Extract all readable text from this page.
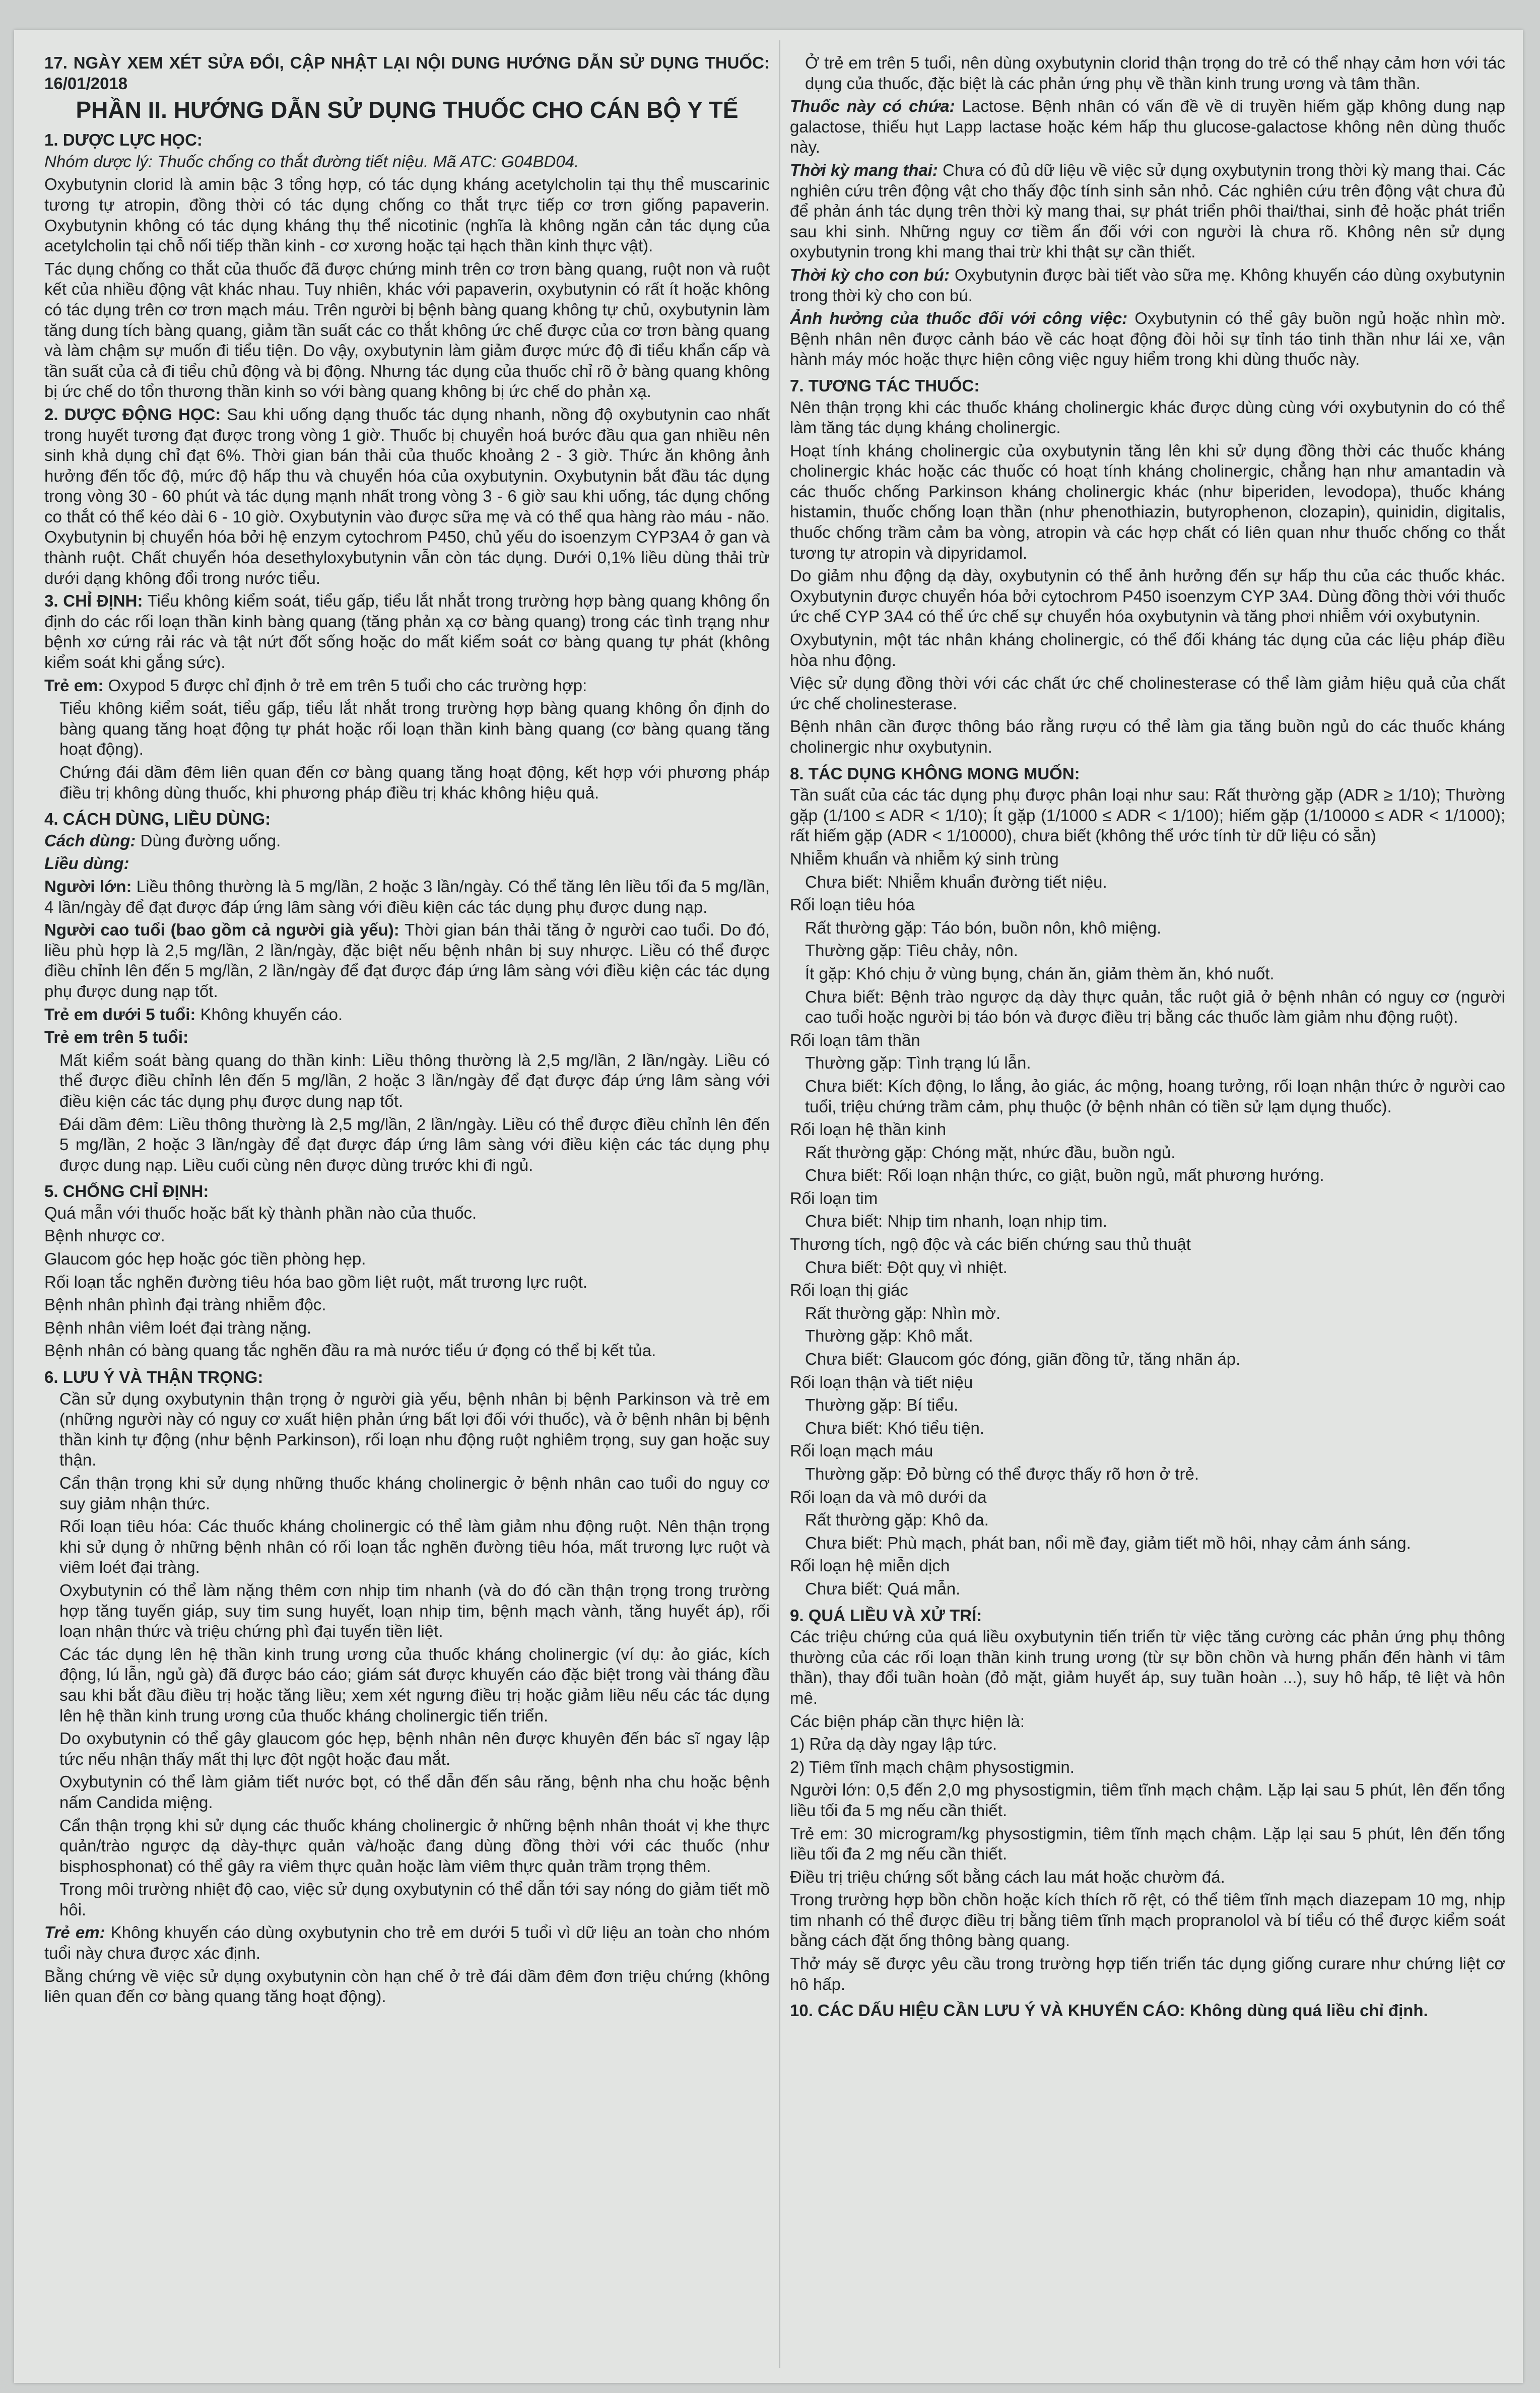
17. NGÀY XEM XÉT SỬA ĐỔI, CẬP NHẬT LẠI NỘI DUNG HƯỚNG DẪN SỬ DỤNG THUỐC: 16/01/2018

PHẦN II. HƯỚNG DẪN SỬ DỤNG THUỐC CHO CÁN BỘ Y TẾ

1. DƯỢC LỰC HỌC:

Nhóm dược lý: Thuốc chống co thắt đường tiết niệu. Mã ATC: G04BD04.

Oxybutynin clorid là amin bậc 3 tổng hợp, có tác dụng kháng acetylcholin tại thụ thể muscarinic tương tự atropin, đồng thời có tác dụng chống co thắt trực tiếp cơ trơn giống papaverin. Oxybutynin không có tác dụng kháng thụ thể nicotinic (nghĩa là không ngăn cản tác dụng của acetylcholin tại chỗ nối tiếp thần kinh - cơ xương hoặc tại hạch thần kinh thực vật).

Tác dụng chống co thắt của thuốc đã được chứng minh trên cơ trơn bàng quang, ruột non và ruột kết của nhiều động vật khác nhau. Tuy nhiên, khác với papaverin, oxybutynin có rất ít hoặc không có tác dụng trên cơ trơn mạch máu. Trên người bị bệnh bàng quang không tự chủ, oxybutynin làm tăng dung tích bàng quang, giảm tần suất các co thắt không ức chế được của cơ trơn bàng quang và làm chậm sự muốn đi tiểu tiện. Do vậy, oxybutynin làm giảm được mức độ đi tiểu khẩn cấp và tần suất của cả đi tiểu chủ động và bị động. Nhưng tác dụng của thuốc chỉ rõ ở bàng quang không bị ức chế do tổn thương thần kinh so với bàng quang không bị ức chế do phản xạ.

2. DƯỢC ĐỘNG HỌC: Sau khi uống dạng thuốc tác dụng nhanh, nồng độ oxybutynin cao nhất trong huyết tương đạt được trong vòng 1 giờ. Thuốc bị chuyển hoá bước đầu qua gan nhiều nên sinh khả dụng chỉ đạt 6%. Thời gian bán thải của thuốc khoảng 2 - 3 giờ. Thức ăn không ảnh hưởng đến tốc độ, mức độ hấp thu và chuyển hóa của oxybutynin. Oxybutynin bắt đầu tác dụng trong vòng 30 - 60 phút và tác dụng mạnh nhất trong vòng 3 - 6 giờ sau khi uống, tác dụng chống co thắt có thể kéo dài 6 - 10 giờ. Oxybutynin vào được sữa mẹ và có thể qua hàng rào máu - não. Oxybutynin bị chuyển hóa bởi hệ enzym cytochrom P450, chủ yếu do isoenzym CYP3A4 ở gan và thành ruột. Chất chuyển hóa desethyloxybutynin vẫn còn tác dụng. Dưới 0,1% liều dùng thải trừ dưới dạng không đổi trong nước tiểu.

3. CHỈ ĐỊNH: Tiểu không kiểm soát, tiểu gấp, tiểu lắt nhắt trong trường hợp bàng quang không ổn định do các rối loạn thần kinh bàng quang (tăng phản xạ cơ bàng quang) trong các tình trạng như bệnh xơ cứng rải rác và tật nứt đốt sống hoặc do mất kiểm soát cơ bàng quang tự phát (không kiểm soát khi gắng sức).

Trẻ em: Oxypod 5 được chỉ định ở trẻ em trên 5 tuổi cho các trường hợp:

Tiểu không kiểm soát, tiểu gấp, tiểu lắt nhắt trong trường hợp bàng quang không ổn định do bàng quang tăng hoạt động tự phát hoặc rối loạn thần kinh bàng quang (cơ bàng quang tăng hoạt động).

Chứng đái dầm đêm liên quan đến cơ bàng quang tăng hoạt động, kết hợp với phương pháp điều trị không dùng thuốc, khi phương pháp điều trị khác không hiệu quả.

4. CÁCH DÙNG, LIỀU DÙNG:

Cách dùng: Dùng đường uống.

Liều dùng:

Người lớn: Liều thông thường là 5 mg/lần, 2 hoặc 3 lần/ngày. Có thể tăng lên liều tối đa 5 mg/lần, 4 lần/ngày để đạt được đáp ứng lâm sàng với điều kiện các tác dụng phụ được dung nạp.

Người cao tuổi (bao gồm cả người già yếu): Thời gian bán thải tăng ở người cao tuổi. Do đó, liều phù hợp là 2,5 mg/lần, 2 lần/ngày, đặc biệt nếu bệnh nhân bị suy nhược. Liều có thể được điều chỉnh lên đến 5 mg/lần, 2 lần/ngày để đạt được đáp ứng lâm sàng với điều kiện các tác dụng phụ được dung nạp tốt.

Trẻ em dưới 5 tuổi: Không khuyến cáo.

Trẻ em trên 5 tuổi:

Mất kiểm soát bàng quang do thần kinh: Liều thông thường là 2,5 mg/lần, 2 lần/ngày. Liều có thể được điều chỉnh lên đến 5 mg/lần, 2 hoặc 3 lần/ngày để đạt được đáp ứng lâm sàng với điều kiện các tác dụng phụ được dung nạp tốt.

Đái dầm đêm: Liều thông thường là 2,5 mg/lần, 2 lần/ngày. Liều có thể được điều chỉnh lên đến 5 mg/lần, 2 hoặc 3 lần/ngày để đạt được đáp ứng lâm sàng với điều kiện các tác dụng phụ được dung nạp. Liều cuối cùng nên được dùng trước khi đi ngủ.

5. CHỐNG CHỈ ĐỊNH:

Quá mẫn với thuốc hoặc bất kỳ thành phần nào của thuốc.

Bệnh nhược cơ.

Glaucom góc hẹp hoặc góc tiền phòng hẹp.

Rối loạn tắc nghẽn đường tiêu hóa bao gồm liệt ruột, mất trương lực ruột.

Bệnh nhân phình đại tràng nhiễm độc.

Bệnh nhân viêm loét đại tràng nặng.

Bệnh nhân có bàng quang tắc nghẽn đầu ra mà nước tiểu ứ đọng có thể bị kết tủa.

6. LƯU Ý VÀ THẬN TRỌNG:

Cần sử dụng oxybutynin thận trọng ở người già yếu, bệnh nhân bị bệnh Parkinson và trẻ em (những người này có nguy cơ xuất hiện phản ứng bất lợi đối với thuốc), và ở bệnh nhân bị bệnh thần kinh tự động (như bệnh Parkinson), rối loạn nhu động ruột nghiêm trọng, suy gan hoặc suy thận.

Cẩn thận trọng khi sử dụng những thuốc kháng cholinergic ở bệnh nhân cao tuổi do nguy cơ suy giảm nhận thức.

Rối loạn tiêu hóa: Các thuốc kháng cholinergic có thể làm giảm nhu động ruột. Nên thận trọng khi sử dụng ở những bệnh nhân có rối loạn tắc nghẽn đường tiêu hóa, mất trương lực ruột và viêm loét đại tràng.

Oxybutynin có thể làm nặng thêm cơn nhịp tim nhanh (và do đó cần thận trọng trong trường hợp tăng tuyến giáp, suy tim sung huyết, loạn nhịp tim, bệnh mạch vành, tăng huyết áp), rối loạn nhận thức và triệu chứng phì đại tuyến tiền liệt.

Các tác dụng lên hệ thần kinh trung ương của thuốc kháng cholinergic (ví dụ: ảo giác, kích động, lú lẫn, ngủ gà) đã được báo cáo; giám sát được khuyến cáo đặc biệt trong vài tháng đầu sau khi bắt đầu điều trị hoặc tăng liều; xem xét ngưng điều trị hoặc giảm liều nếu các tác dụng lên hệ thần kinh trung ương của thuốc kháng cholinergic tiến triển.

Do oxybutynin có thể gây glaucom góc hẹp, bệnh nhân nên được khuyên đến bác sĩ ngay lập tức nếu nhận thấy mất thị lực đột ngột hoặc đau mắt.

Oxybutynin có thể làm giảm tiết nước bọt, có thể dẫn đến sâu răng, bệnh nha chu hoặc bệnh nấm Candida miệng.

Cẩn thận trọng khi sử dụng các thuốc kháng cholinergic ở những bệnh nhân thoát vị khe thực quản/trào ngược dạ dày-thực quản và/hoặc đang dùng đồng thời với các thuốc (như bisphosphonat) có thể gây ra viêm thực quản hoặc làm viêm thực quản trầm trọng thêm.

Trong môi trường nhiệt độ cao, việc sử dụng oxybutynin có thể dẫn tới say nóng do giảm tiết mồ hôi.

Trẻ em: Không khuyến cáo dùng oxybutynin cho trẻ em dưới 5 tuổi vì dữ liệu an toàn cho nhóm tuổi này chưa được xác định.

Bằng chứng về việc sử dụng oxybutynin còn hạn chế ở trẻ đái dầm đêm đơn triệu chứng (không liên quan đến cơ bàng quang tăng hoạt động).

Ở trẻ em trên 5 tuổi, nên dùng oxybutynin clorid thận trọng do trẻ có thể nhạy cảm hơn với tác dụng của thuốc, đặc biệt là các phản ứng phụ về thần kinh trung ương và tâm thần.

Thuốc này có chứa: Lactose. Bệnh nhân có vấn đề về di truyền hiếm gặp không dung nạp galactose, thiếu hụt Lapp lactase hoặc kém hấp thu glucose-galactose không nên dùng thuốc này.

Thời kỳ mang thai: Chưa có đủ dữ liệu về việc sử dụng oxybutynin trong thời kỳ mang thai. Các nghiên cứu trên động vật cho thấy độc tính sinh sản nhỏ. Các nghiên cứu trên động vật chưa đủ để phản ánh tác dụng trên thời kỳ mang thai, sự phát triển phôi thai/thai, sinh đẻ hoặc phát triển sau khi sinh. Những nguy cơ tiềm ẩn đối với con người là chưa rõ. Không nên sử dụng oxybutynin trong khi mang thai trừ khi thật sự cần thiết.

Thời kỳ cho con bú: Oxybutynin được bài tiết vào sữa mẹ. Không khuyến cáo dùng oxybutynin trong thời kỳ cho con bú.

Ảnh hưởng của thuốc đối với công việc: Oxybutynin có thể gây buồn ngủ hoặc nhìn mờ. Bệnh nhân nên được cảnh báo về các hoạt động đòi hỏi sự tỉnh táo tinh thần như lái xe, vận hành máy móc hoặc thực hiện công việc nguy hiểm trong khi dùng thuốc này.

7. TƯƠNG TÁC THUỐC:

Nên thận trọng khi các thuốc kháng cholinergic khác được dùng cùng với oxybutynin do có thể làm tăng tác dụng kháng cholinergic.

Hoạt tính kháng cholinergic của oxybutynin tăng lên khi sử dụng đồng thời các thuốc kháng cholinergic khác hoặc các thuốc có hoạt tính kháng cholinergic, chẳng hạn như amantadin và các thuốc chống Parkinson kháng cholinergic khác (như biperiden, levodopa), thuốc kháng histamin, thuốc chống loạn thần (như phenothiazin, butyrophenon, clozapin), quinidin, digitalis, thuốc chống trầm cảm ba vòng, atropin và các hợp chất có liên quan như thuốc chống co thắt tương tự atropin và dipyridamol.

Do giảm nhu động dạ dày, oxybutynin có thể ảnh hưởng đến sự hấp thu của các thuốc khác. Oxybutynin được chuyển hóa bởi cytochrom P450 isoenzym CYP 3A4. Dùng đồng thời với thuốc ức chế CYP 3A4 có thể ức chế sự chuyển hóa oxybutynin và tăng phơi nhiễm với oxybutynin.

Oxybutynin, một tác nhân kháng cholinergic, có thể đối kháng tác dụng của các liệu pháp điều hòa nhu động.

Việc sử dụng đồng thời với các chất ức chế cholinesterase có thể làm giảm hiệu quả của chất ức chế cholinesterase.

Bệnh nhân cần được thông báo rằng rượu có thể làm gia tăng buồn ngủ do các thuốc kháng cholinergic như oxybutynin.

8. TÁC DỤNG KHÔNG MONG MUỐN:

Tần suất của các tác dụng phụ được phân loại như sau: Rất thường gặp (ADR ≥ 1/10); Thường gặp (1/100 ≤ ADR < 1/10); Ít gặp (1/1000 ≤ ADR < 1/100); hiếm gặp (1/10000 ≤ ADR < 1/1000); rất hiếm gặp (ADR < 1/10000), chưa biết (không thể ước tính từ dữ liệu có sẵn)

Nhiễm khuẩn và nhiễm ký sinh trùng

Chưa biết: Nhiễm khuẩn đường tiết niệu.

Rối loạn tiêu hóa

Rất thường gặp: Táo bón, buồn nôn, khô miệng.

Thường gặp: Tiêu chảy, nôn.

Ít gặp: Khó chịu ở vùng bụng, chán ăn, giảm thèm ăn, khó nuốt.

Chưa biết: Bệnh trào ngược dạ dày thực quản, tắc ruột giả ở bệnh nhân có nguy cơ (người cao tuổi hoặc người bị táo bón và được điều trị bằng các thuốc làm giảm nhu động ruột).

Rối loạn tâm thần

Thường gặp: Tình trạng lú lẫn.

Chưa biết: Kích động, lo lắng, ảo giác, ác mộng, hoang tưởng, rối loạn nhận thức ở người cao tuổi, triệu chứng trầm cảm, phụ thuộc (ở bệnh nhân có tiền sử lạm dụng thuốc).

Rối loạn hệ thần kinh

Rất thường gặp: Chóng mặt, nhức đầu, buồn ngủ.

Chưa biết: Rối loạn nhận thức, co giật, buồn ngủ, mất phương hướng.

Rối loạn tim

Chưa biết: Nhịp tim nhanh, loạn nhịp tim.

Thương tích, ngộ độc và các biến chứng sau thủ thuật

Chưa biết: Đột quỵ vì nhiệt.

Rối loạn thị giác

Rất thường gặp: Nhìn mờ.

Thường gặp: Khô mắt.

Chưa biết: Glaucom góc đóng, giãn đồng tử, tăng nhãn áp.

Rối loạn thận và tiết niệu

Thường gặp: Bí tiểu.

Chưa biết: Khó tiểu tiện.

Rối loạn mạch máu

Thường gặp: Đỏ bừng có thể được thấy rõ hơn ở trẻ.

Rối loạn da và mô dưới da

Rất thường gặp: Khô da.

Chưa biết: Phù mạch, phát ban, nổi mề đay, giảm tiết mồ hôi, nhạy cảm ánh sáng.

Rối loạn hệ miễn dịch

Chưa biết: Quá mẫn.

9. QUÁ LIỀU VÀ XỬ TRÍ:

Các triệu chứng của quá liều oxybutynin tiến triển từ việc tăng cường các phản ứng phụ thông thường của các rối loạn thần kinh trung ương (từ sự bồn chồn và hưng phấn đến hành vi tâm thần), thay đổi tuần hoàn (đỏ mặt, giảm huyết áp, suy tuần hoàn ...), suy hô hấp, tê liệt và hôn mê.

Các biện pháp cần thực hiện là:

1) Rửa dạ dày ngay lập tức.

2) Tiêm tĩnh mạch chậm physostigmin.

Người lớn: 0,5 đến 2,0 mg physostigmin, tiêm tĩnh mạch chậm. Lặp lại sau 5 phút, lên đến tổng liều tối đa 5 mg nếu cần thiết.

Trẻ em: 30 microgram/kg physostigmin, tiêm tĩnh mạch chậm. Lặp lại sau 5 phút, lên đến tổng liều tối đa 2 mg nếu cần thiết.

Điều trị triệu chứng sốt bằng cách lau mát hoặc chườm đá.

Trong trường hợp bồn chồn hoặc kích thích rõ rệt, có thể tiêm tĩnh mạch diazepam 10 mg, nhịp tim nhanh có thể được điều trị bằng tiêm tĩnh mạch propranolol và bí tiểu có thể được kiểm soát bằng cách đặt ống thông bàng quang.

Thở máy sẽ được yêu cầu trong trường hợp tiến triển tác dụng giống curare như chứng liệt cơ hô hấp.

10. CÁC DẤU HIỆU CẦN LƯU Ý VÀ KHUYẾN CÁO: Không dùng quá liều chỉ định.
